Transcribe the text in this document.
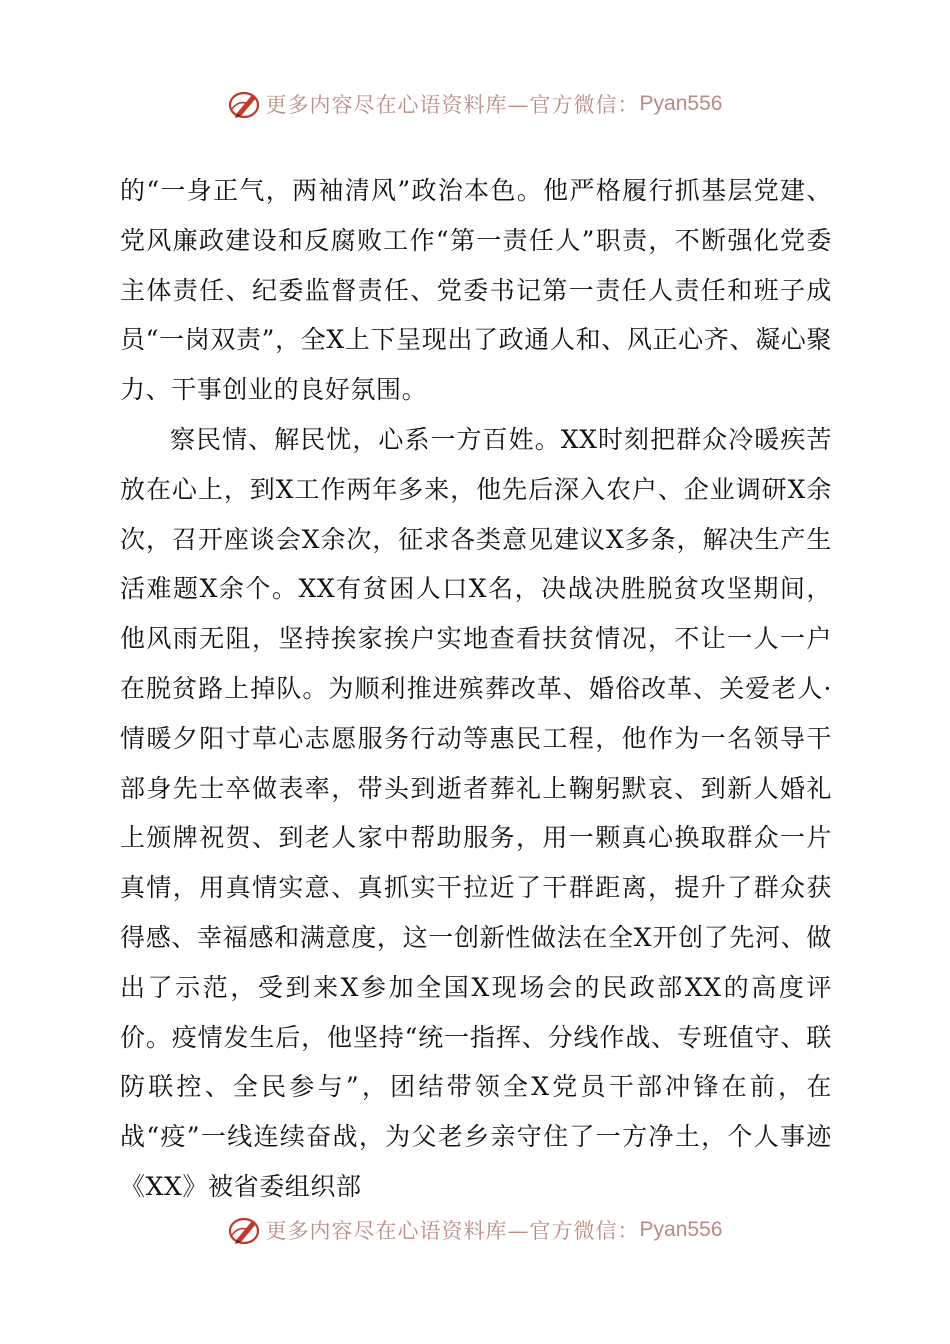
更多内容尽在心语资料库—官方微信： Pyan556

的“一身正气，两袖清风”政治本色。他严格履行抓基层党建、党风廉政建设和反腐败工作“第一责任人”职责，不断强化党委主体责任、纪委监督责任、党委书记第一责任人责任和班子成员“一岗双责”，全X上下呈现出了政通人和、风正心齐、凝心聚力、干事创业的良好氛围。

察民情、解民忧，心系一方百姓。XX时刻把群众冷暖疾苦放在心上，到X工作两年多来，他先后深入农户、企业调研X余次，召开座谈会X余次，征求各类意见建议X多条，解决生产生活难题X余个。XX有贫困人口X名，决战决胜脱贫攻坚期间，他风雨无阻，坚持挨家挨户实地查看扶贫情况，不让一人一户在脱贫路上掉队。为顺利推进殡葬改革、婚俗改革、关爱老人·情暖夕阳寸草心志愿服务行动等惠民工程，他作为一名领导干部身先士卒做表率，带头到逝者葬礼上鞠躬默哀、到新人婚礼上颁牌祝贺、到老人家中帮助服务，用一颗真心换取群众一片真情，用真情实意、真抓实干拉近了干群距离，提升了群众获得感、幸福感和满意度，这一创新性做法在全X开创了先河、做出了示范，受到来X参加全国X现场会的民政部XX的高度评价。疫情发生后，他坚持“统一指挥、分线作战、专班值守、联防联控、全民参与”，团结带领全X党员干部冲锋在前，在战“疫”一线连续奋战，为父老乡亲守住了一方净土，个人事迹《XX》被省委组织部

更多内容尽在心语资料库—官方微信： Pyan556
